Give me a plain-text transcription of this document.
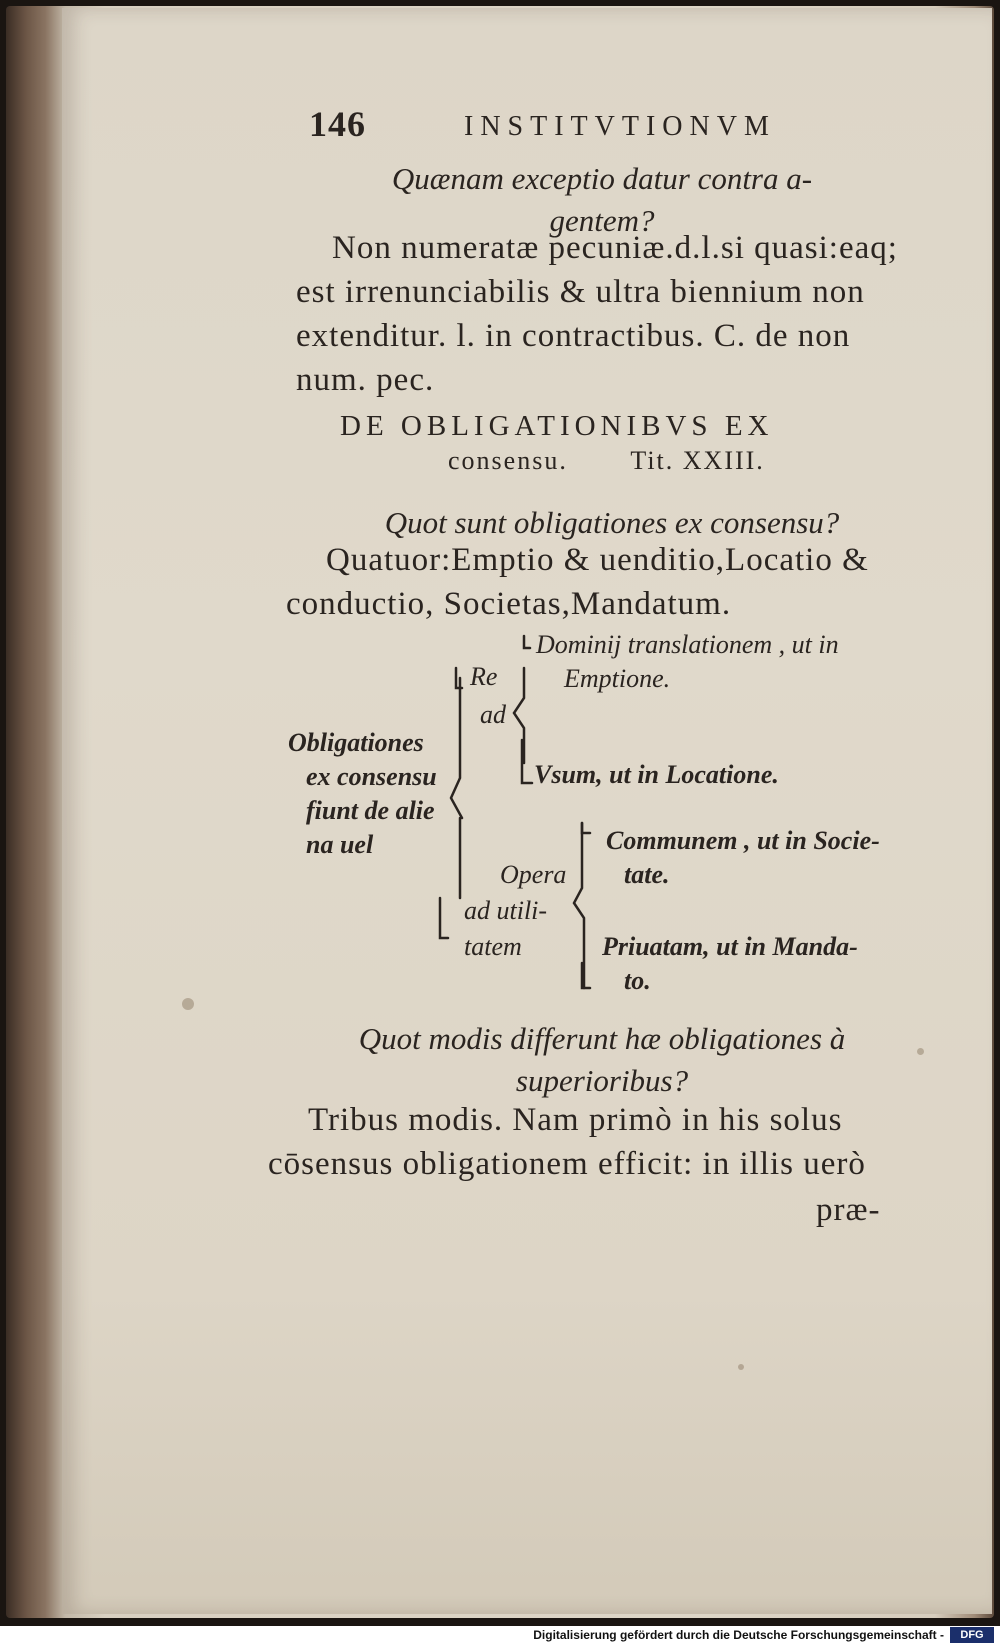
146	INSTITVTIONVM
Quænam exceptio datur contra a-
gentem?
Non numeratæ pecuniæ.d.l.si quasi:eaq;
est irrenunciabilis & ultra biennium non
extenditur. l. in contractibus. C. de non
num. pec.
DE OBLIGATIONIBVS EX
consensu. Tit. XXIII.
Quot sunt obligationes ex consensu?
Quatuor:Emptio & uenditio,Locatio &
conductio, Societas,Mandatum.
Obligationes
ex consensu
fiunt de alie
na uel
Re
ad
Dominij translationem , ut in
Emptione.
Vsum, ut in Locatione.
Opera
ad utili-
tatem
Communem , ut in Socie-
tate.
Priuatam, ut in Manda-
to.
Quot modis differunt hæ obligationes à
superioribus?
Tribus modis. Nam primò in his solus
cōsensus obligationem efficit: in illis uerò
præ-
Digitalisierung gefördert durch die Deutsche Forschungsgemeinschaft -	DFG
